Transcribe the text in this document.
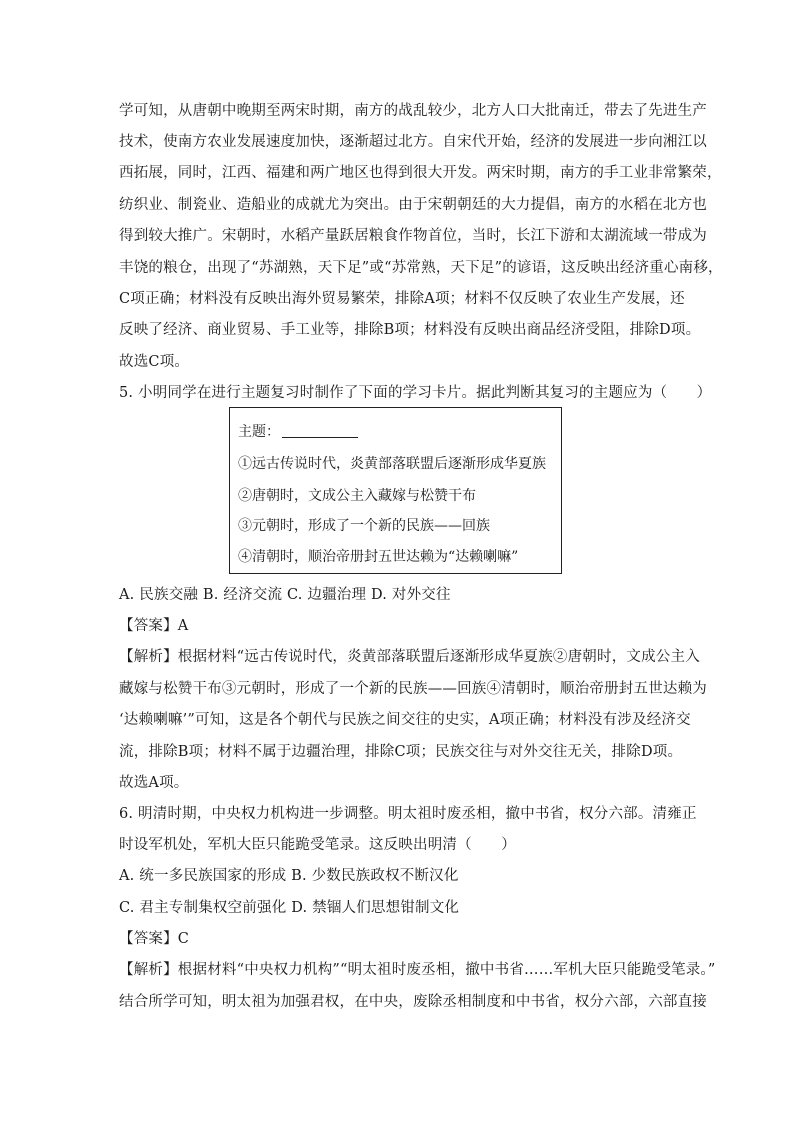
学可知，从唐朝中晚期至两宋时期，南方的战乱较少，北方人口大批南迁，带去了先进生产
技术，使南方农业发展速度加快，逐渐超过北方。自宋代开始，经济的发展进一步向湘江以
西拓展，同时，江西、福建和两广地区也得到很大开发。两宋时期，南方的手工业非常繁荣，
纺织业、制瓷业、造船业的成就尤为突出。由于宋朝朝廷的大力提倡，南方的水稻在北方也
得到较大推广。宋朝时，水稻产量跃居粮食作物首位，当时，长江下游和太湖流域一带成为
丰饶的粮仓，出现了“苏湖熟，天下足”或“苏常熟，天下足”的谚语，这反映出经济重心南移，
C项正确；材料没有反映出海外贸易繁荣，排除A项；材料不仅反映了农业生产发展，还
反映了经济、商业贸易、手工业等，排除B项；材料没有反映出商品经济受阻，排除D项。
故选C项。
5. 小明同学在进行主题复习时制作了下面的学习卡片。据此判断其复习的主题应为（　　）
主题：
①远古传说时代，炎黄部落联盟后逐渐形成华夏族
②唐朝时，文成公主入藏嫁与松赞干布
③元朝时，形成了一个新的民族——回族
④清朝时，顺治帝册封五世达赖为“达赖喇嘛”
A. 民族交融 B. 经济交流 C. 边疆治理 D. 对外交往
【答案】A
【解析】根据材料“远古传说时代，炎黄部落联盟后逐渐形成华夏族②唐朝时，文成公主入
藏嫁与松赞干布③元朝时，形成了一个新的民族——回族④清朝时，顺治帝册封五世达赖为
‘达赖喇嘛’”可知，这是各个朝代与民族之间交往的史实，A项正确；材料没有涉及经济交
流，排除B项；材料不属于边疆治理，排除C项；民族交往与对外交往无关，排除D项。
故选A项。
6. 明清时期，中央权力机构进一步调整。明太祖时废丞相，撤中书省，权分六部。清雍正
时设军机处，军机大臣只能跪受笔录。这反映出明清（　　）
A. 统一多民族国家的形成 B. 少数民族政权不断汉化
C. 君主专制集权空前强化 D. 禁锢人们思想钳制文化
【答案】C
【解析】根据材料“中央权力机构”“明太祖时废丞相，撤中书省……军机大臣只能跪受笔录。”
结合所学可知，明太祖为加强君权，在中央，废除丞相制度和中书省，权分六部，六部直接
